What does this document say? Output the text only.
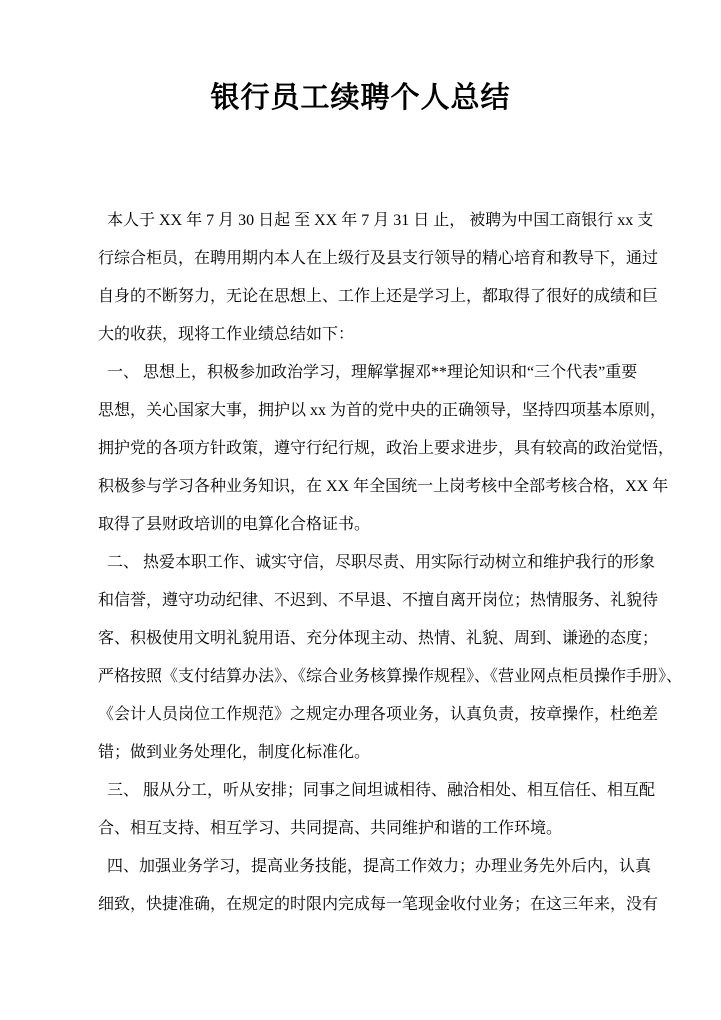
银行员工续聘个人总结
本人于 XX 年 7 月 30 日起 至 XX 年 7 月 31 日 止， 被聘为中国工商银行 xx 支
行综合柜员，在聘用期内本人在上级行及县支行领导的精心培育和教导下，通过
自身的不断努力，无论在思想上、工作上还是学习上，都取得了很好的成绩和巨
大的收获，现将工作业绩总结如下：
一、 思想上，积极参加政治学习，理解掌握邓**理论知识和“三个代表”重要
思想，关心国家大事，拥护以 xx 为首的党中央的正确领导，坚持四项基本原则，
拥护党的各项方针政策，遵守行纪行规，政治上要求进步，具有较高的政治觉悟，
积极参与学习各种业务知识，在 XX 年全国统一上岗考核中全部考核合格，XX 年
取得了县财政培训的电算化合格证书。
二、 热爱本职工作、诚实守信，尽职尽责、用实际行动树立和维护我行的形象
和信誉，遵守功动纪律、不迟到、不早退、不擅自离开岗位；热情服务、礼貌待
客、积极使用文明礼貌用语、充分体现主动、热情、礼貌、周到、谦逊的态度；
严格按照《支付结算办法》、《综合业务核算操作规程》、《营业网点柜员操作手册》、
《会计人员岗位工作规范》之规定办理各项业务，认真负责，按章操作，杜绝差
错；做到业务处理化，制度化标准化。
三、 服从分工，听从安排；同事之间坦诚相待、融洽相处、相互信任、相互配
合、相互支持、相互学习、共同提高、共同维护和谐的工作环境。
四、加强业务学习，提高业务技能，提高工作效力；办理业务先外后内，认真
细致，快捷准确，在规定的时限内完成每一笔现金收付业务；在这三年来，没有
